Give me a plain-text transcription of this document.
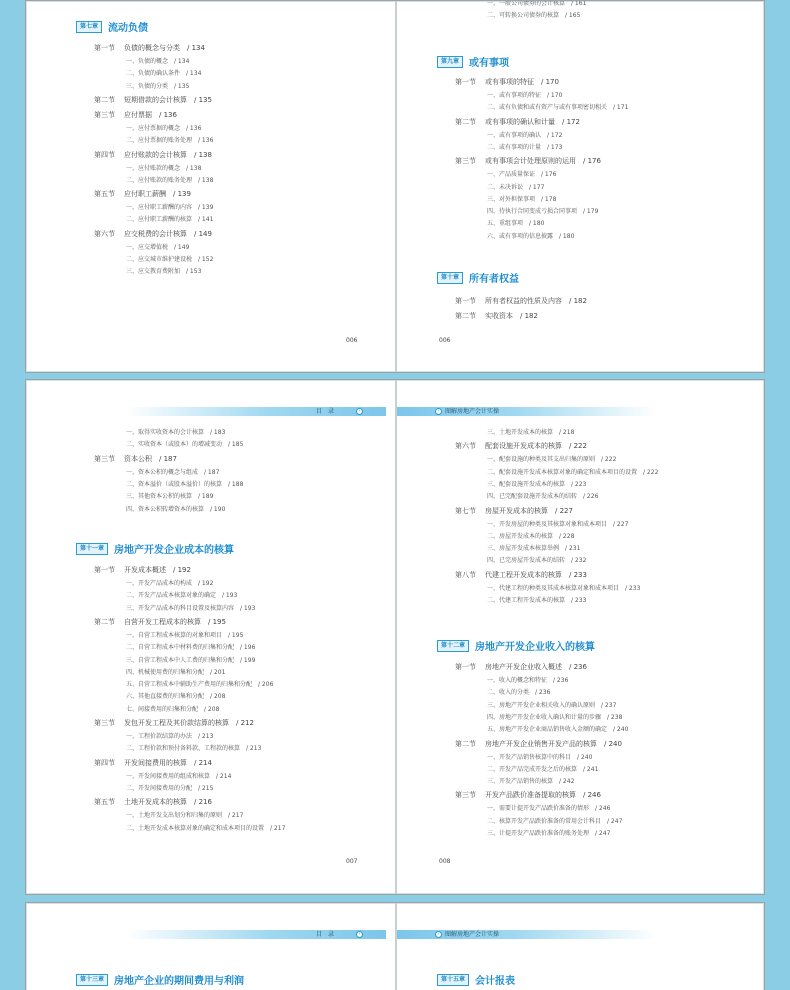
第七章	流动负债
第一节 负债的概念与分类　/ 134
一、负债的概念　/ 134
二、负债的确认条件　/ 134
三、负债的分类　/ 135
第二节 短期借款的会计核算　/ 135
第三节 应付票据　/ 136
一、应付票据的概念　/ 136
二、应付票据的账务处理　/ 136
第四节 应付账款的会计核算　/ 138
一、应付账款的概念　/ 138
二、应付账款的账务处理　/ 138
第五节 应付职工薪酬　/ 139
一、应付职工薪酬的内容　/ 139
二、应付职工薪酬的核算　/ 141
第六节 应交税费的会计核算　/ 149
一、应交增值税　/ 149
二、应交城市维护建设税　/ 152
三、应交教育费附加　/ 153
006
一、一般公司债券的会计核算　/ 161
二、可转换公司债券的核算　/ 165
第九章	或有事项
第一节 或有事项的特征　/ 170
一、或有事项的特征　/ 170
二、或有负债和或有资产与或有事项密切相关　/ 171
第二节 或有事项的确认和计量　/ 172
一、或有事项的确认　/ 172
二、或有事项的计量　/ 173
第三节 或有事项会计处理原则的运用　/ 176
一、产品质量保证　/ 176
二、未决诉讼　/ 177
三、对外担保事项　/ 178
四、待执行合同变成亏损合同事项　/ 179
五、重组事项　/ 180
六、或有事项的信息披露　/ 180
第十章	所有者权益
第一节 所有者权益的性质及内容　/ 182
第二节 实收资本　/ 182
006
目　录	›
一、取得实收资本的会计核算　/ 183
二、实收资本（或股本）的增减变动　/ 185
第三节 资本公积　/ 187
一、资本公积的概念与组成　/ 187
二、资本溢价（或股本溢价）的核算　/ 188
三、其他资本公积的核算　/ 189
四、资本公积转增资本的核算　/ 190
第十一章	房地产开发企业成本的核算
第一节 开发成本概述　/ 192
一、开发产品成本的构成　/ 192
二、开发产品成本核算对象的确定　/ 193
三、开发产品成本的科目设置及核算内容　/ 193
第二节 自营开发工程成本的核算　/ 195
一、自营工程成本核算的对象和项目　/ 195
二、自营工程成本中材料费的归集和分配　/ 196
三、自营工程成本中人工费的归集和分配　/ 199
四、机械使用费的归集和分配　/ 201
五、自营工程成本中辅助生产费用的归集和分配　/ 206
六、其他直接费的归集和分配　/ 208
七、间接费用的归集和分配　/ 208
第三节 发包开发工程及其价款结算的核算　/ 212
一、工程价款结算的办法　/ 213
二、工程价款和预付备料款、工程款的核算　/ 213
第四节 开发间接费用的核算　/ 214
一、开发间接费用的组成和核算　/ 214
二、开发间接费用的分配　/ 215
第五节 土地开发成本的核算　/ 216
一、土地开发支出划分和归集的原则　/ 217
二、土地开发成本核算对象的确定和成本项目的设置　/ 217
007
‹ 图解房地产会计实操
三、土地开发成本的核算　/ 218
第六节 配套设施开发成本的核算　/ 222
一、配套设施的种类及其支出归集的原则　/ 222
二、配套设施开发成本核算对象的确定和成本项目的设置　/ 222
三、配套设施开发成本的核算　/ 223
四、已完配套设施开发成本的结转　/ 226
第七节 房屋开发成本的核算　/ 227
一、开发房屋的种类及其核算对象和成本项目　/ 227
二、房屋开发成本的核算　/ 228
三、房屋开发成本核算举例　/ 231
四、已完房屋开发成本的结转　/ 232
第八节 代建工程开发成本的核算　/ 233
一、代建工程的种类及其成本核算对象和成本项目　/ 233
二、代建工程开发成本的核算　/ 233
第十二章	房地产开发企业收入的核算
第一节 房地产开发企业收入概述　/ 236
一、收入的概念和特征　/ 236
二、收入的分类　/ 236
三、房地产开发企业相关收入的确认原则　/ 237
四、房地产开发企业收入确认和计量的步骤　/ 238
五、房地产开发企业商品销售收入金额的确定　/ 240
第二节 房地产开发企业销售开发产品的核算　/ 240
一、开发产品销售核算中的科目　/ 240
二、开发产品完成开发之后的核算　/ 241
三、开发产品销售的核算　/ 242
第三节 开发产品跌价准备提取的核算　/ 246
一、需要计提开发产品跌价准备的情形　/ 246
二、核算开发产品跌价准备的常用会计科目　/ 247
三、计提开发产品跌价准备的账务处理　/ 247
008
目　录	›
第十三章	房地产企业的期间费用与利润
‹ 图解房地产会计实操
第十五章	会计报表
